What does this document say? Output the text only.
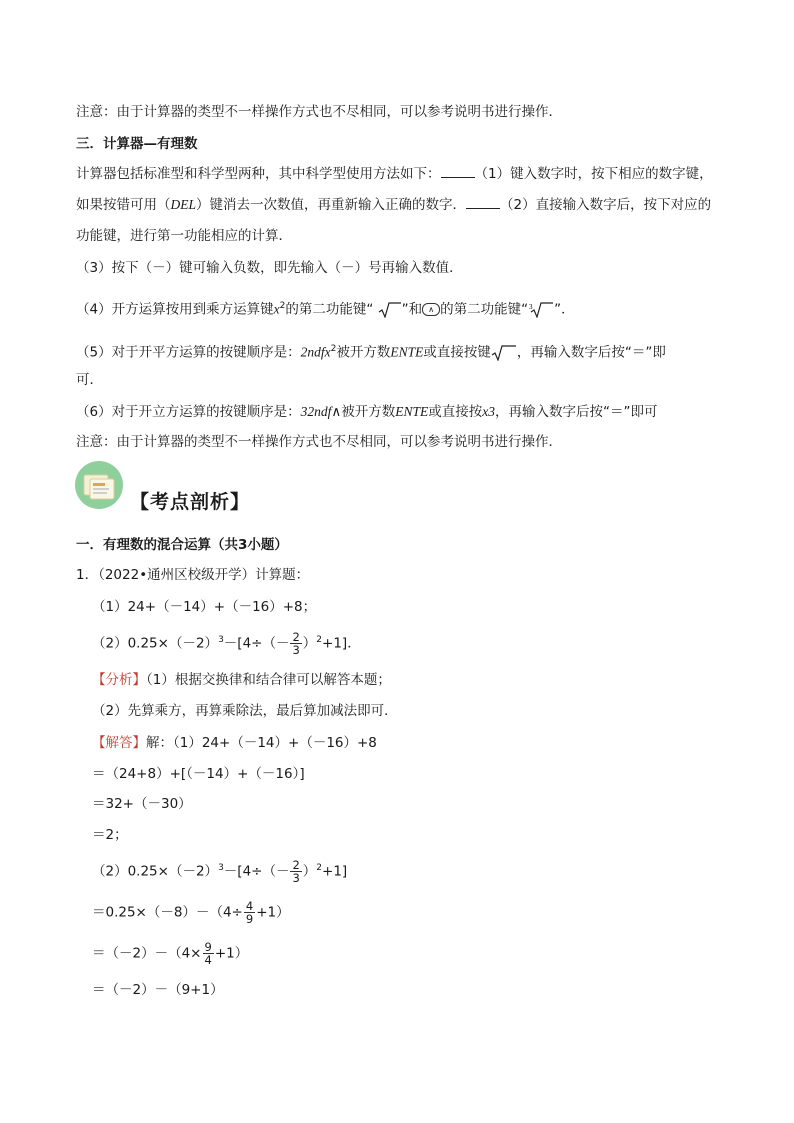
注意：由于计算器的类型不一样操作方式也不尽相同，可以参考说明书进行操作．
三．计算器—有理数
计算器包括标准型和科学型两种，其中科学型使用方法如下：	（1）键入数字时，按下相应的数字键，
如果按错可用（DEL）键消去一次数值，再重新输入正确的数字．	（2）直接输入数字后，按下对应的
功能键，进行第一功能相应的计算．
（3）按下（－）键可输入负数，即先输入（－）号再输入数值．
（4）开方运算按用到乘方运算键$x^2$的第二功能键“ ”和 ∧ 的第二功能键“ 3 ”．
（5）对于开平方运算的按键顺序是：2ndfx$^2$被开方数ENTE或直接按键 ，再输入数字后按“＝”即
可．
（6）对于开立方运算的按键顺序是：32ndf∧被开方数ENTE或直接按x3，再输入数字后按“＝”即可
注意：由于计算器的类型不一样操作方式也不尽相同，可以参考说明书进行操作．
【考点剖析】
一．有理数的混合运算（共3小题）
1．（2022•通州区校级开学）计算题：
（1）24+（－14）+（－16）+8；
$(2)0.25\times(-2)^3-[4\div(- \frac{2}{3} )^2+1]$．
【分析】（1）根据交换律和结合律可以解答本题；
（2）先算乘方，再算乘除法，最后算加减法即可．
【解答】解：（1）24+（－14）+（－16）+8
＝（24+8）+[（－14）+（－16）]
＝32+（－30）
＝2；
$(2)0.25\times(-2)^3-[4\div(- \frac{2}{3} )^2+1]$
$=0.25\times(-8)-(4\div \frac{4}{9} +1)$
$=(-2)-(4\times \frac{9}{4} +1)$
＝（－2）－（9+1）
